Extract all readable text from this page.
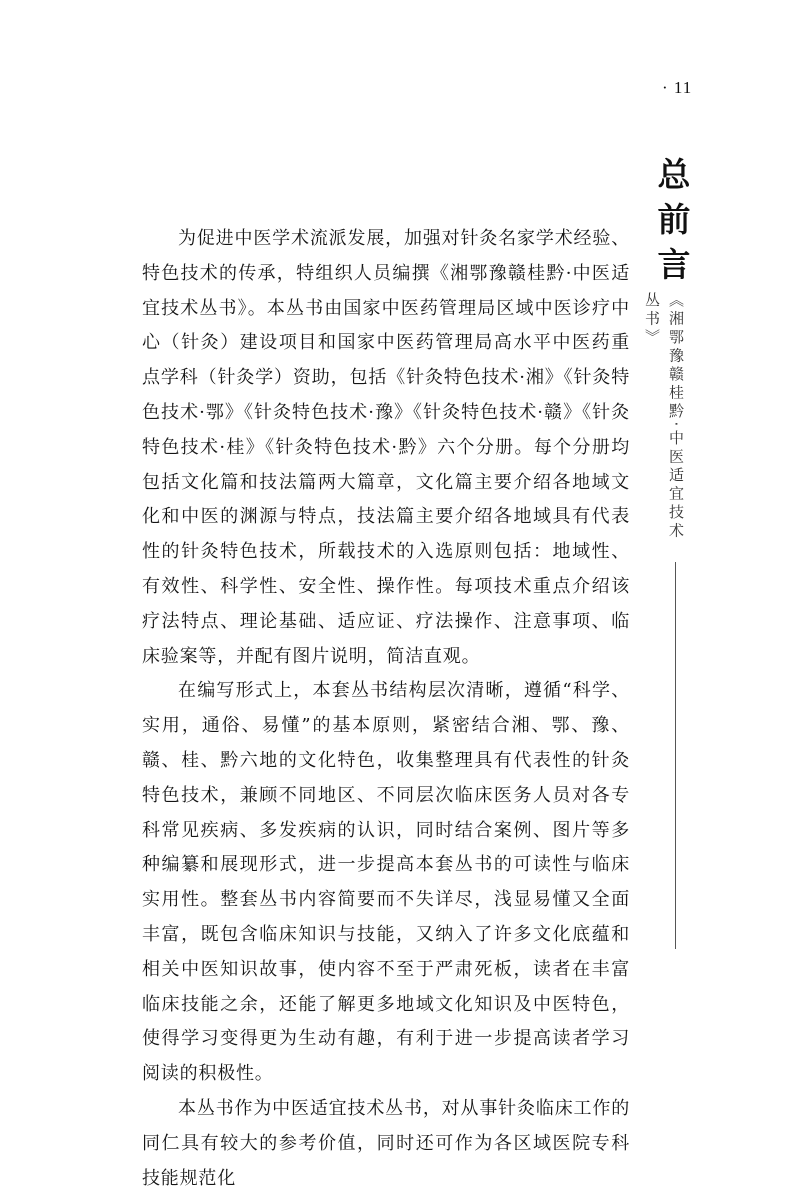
· 11
总
前
言
《湘鄂豫赣桂黔·中医适宜技术丛书》

为促进中医学术流派发展，加强对针灸名家学术经验、特色技术的传承，特组织人员编撰《湘鄂豫赣桂黔·中医适宜技术丛书》。本丛书由国家中医药管理局区域中医诊疗中心（针灸）建设项目和国家中医药管理局高水平中医药重点学科（针灸学）资助，包括《针灸特色技术·湘》《针灸特色技术·鄂》《针灸特色技术·豫》《针灸特色技术·赣》《针灸特色技术·桂》《针灸特色技术·黔》六个分册。每个分册均包括文化篇和技法篇两大篇章，文化篇主要介绍各地域文化和中医的渊源与特点，技法篇主要介绍各地域具有代表性的针灸特色技术，所载技术的入选原则包括：地域性、有效性、科学性、安全性、操作性。每项技术重点介绍该疗法特点、理论基础、适应证、疗法操作、注意事项、临床验案等，并配有图片说明，简洁直观。

在编写形式上，本套丛书结构层次清晰，遵循“科学、实用，通俗、易懂”的基本原则，紧密结合湘、鄂、豫、赣、桂、黔六地的文化特色，收集整理具有代表性的针灸特色技术，兼顾不同地区、不同层次临床医务人员对各专科常见疾病、多发疾病的认识，同时结合案例、图片等多种编纂和展现形式，进一步提高本套丛书的可读性与临床实用性。整套丛书内容简要而不失详尽，浅显易懂又全面丰富，既包含临床知识与技能，又纳入了许多文化底蕴和相关中医知识故事，使内容不至于严肃死板，读者在丰富临床技能之余，还能了解更多地域文化知识及中医特色，使得学习变得更为生动有趣，有利于进一步提高读者学习阅读的积极性。

本丛书作为中医适宜技术丛书，对从事针灸临床工作的同仁具有较大的参考价值，同时还可作为各区域医院专科技能规范化
